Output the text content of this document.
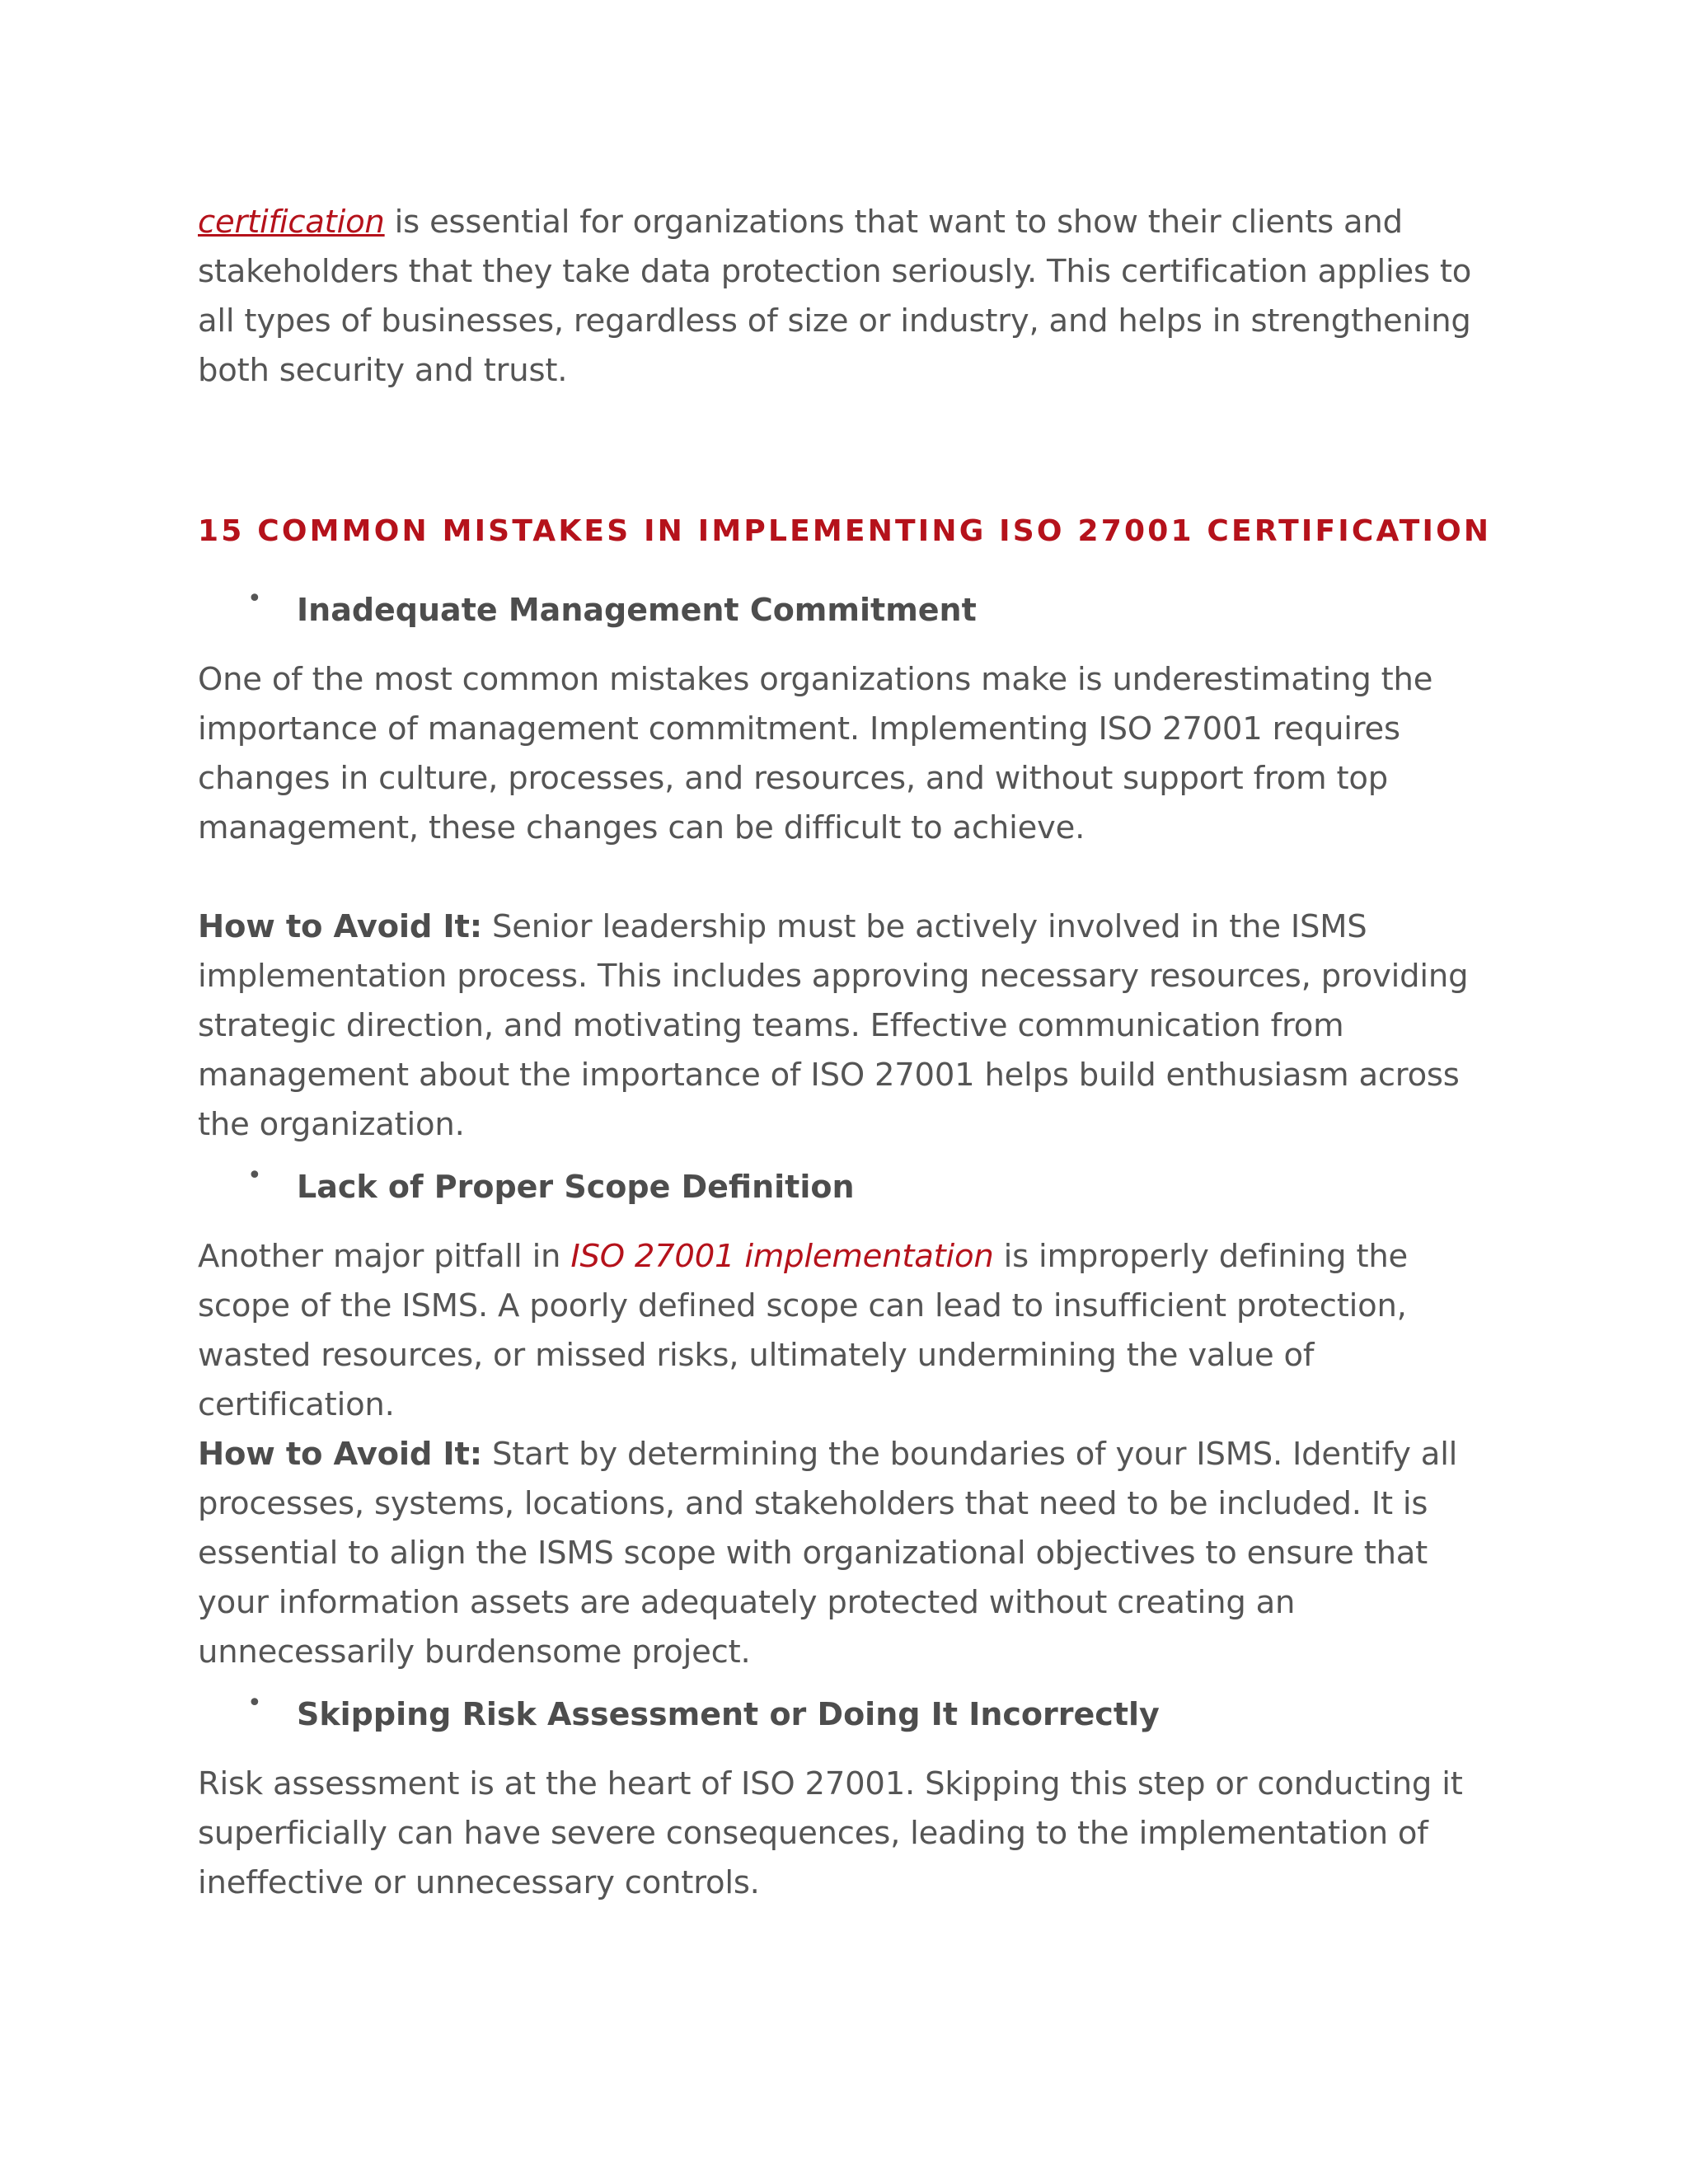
certification is essential for organizations that want to show their clients and stakeholders that they take data protection seriously. This certification applies to all types of businesses, regardless of size or industry, and helps in strengthening both security and trust.

15 COMMON MISTAKES IN IMPLEMENTING ISO 27001 CERTIFICATION
• Inadequate Management Commitment

One of the most common mistakes organizations make is underestimating the importance of management commitment. Implementing ISO 27001 requires changes in culture, processes, and resources, and without support from top management, these changes can be difficult to achieve.

How to Avoid It: Senior leadership must be actively involved in the ISMS implementation process. This includes approving necessary resources, providing strategic direction, and motivating teams. Effective communication from management about the importance of ISO 27001 helps build enthusiasm across the organization.

• Lack of Proper Scope Definition

Another major pitfall in ISO 27001 implementation is improperly defining the scope of the ISMS. A poorly defined scope can lead to insufficient protection, wasted resources, or missed risks, ultimately undermining the value of certification.

How to Avoid It: Start by determining the boundaries of your ISMS. Identify all processes, systems, locations, and stakeholders that need to be included. It is essential to align the ISMS scope with organizational objectives to ensure that your information assets are adequately protected without creating an unnecessarily burdensome project.

• Skipping Risk Assessment or Doing It Incorrectly

Risk assessment is at the heart of ISO 27001. Skipping this step or conducting it superficially can have severe consequences, leading to the implementation of ineffective or unnecessary controls.
